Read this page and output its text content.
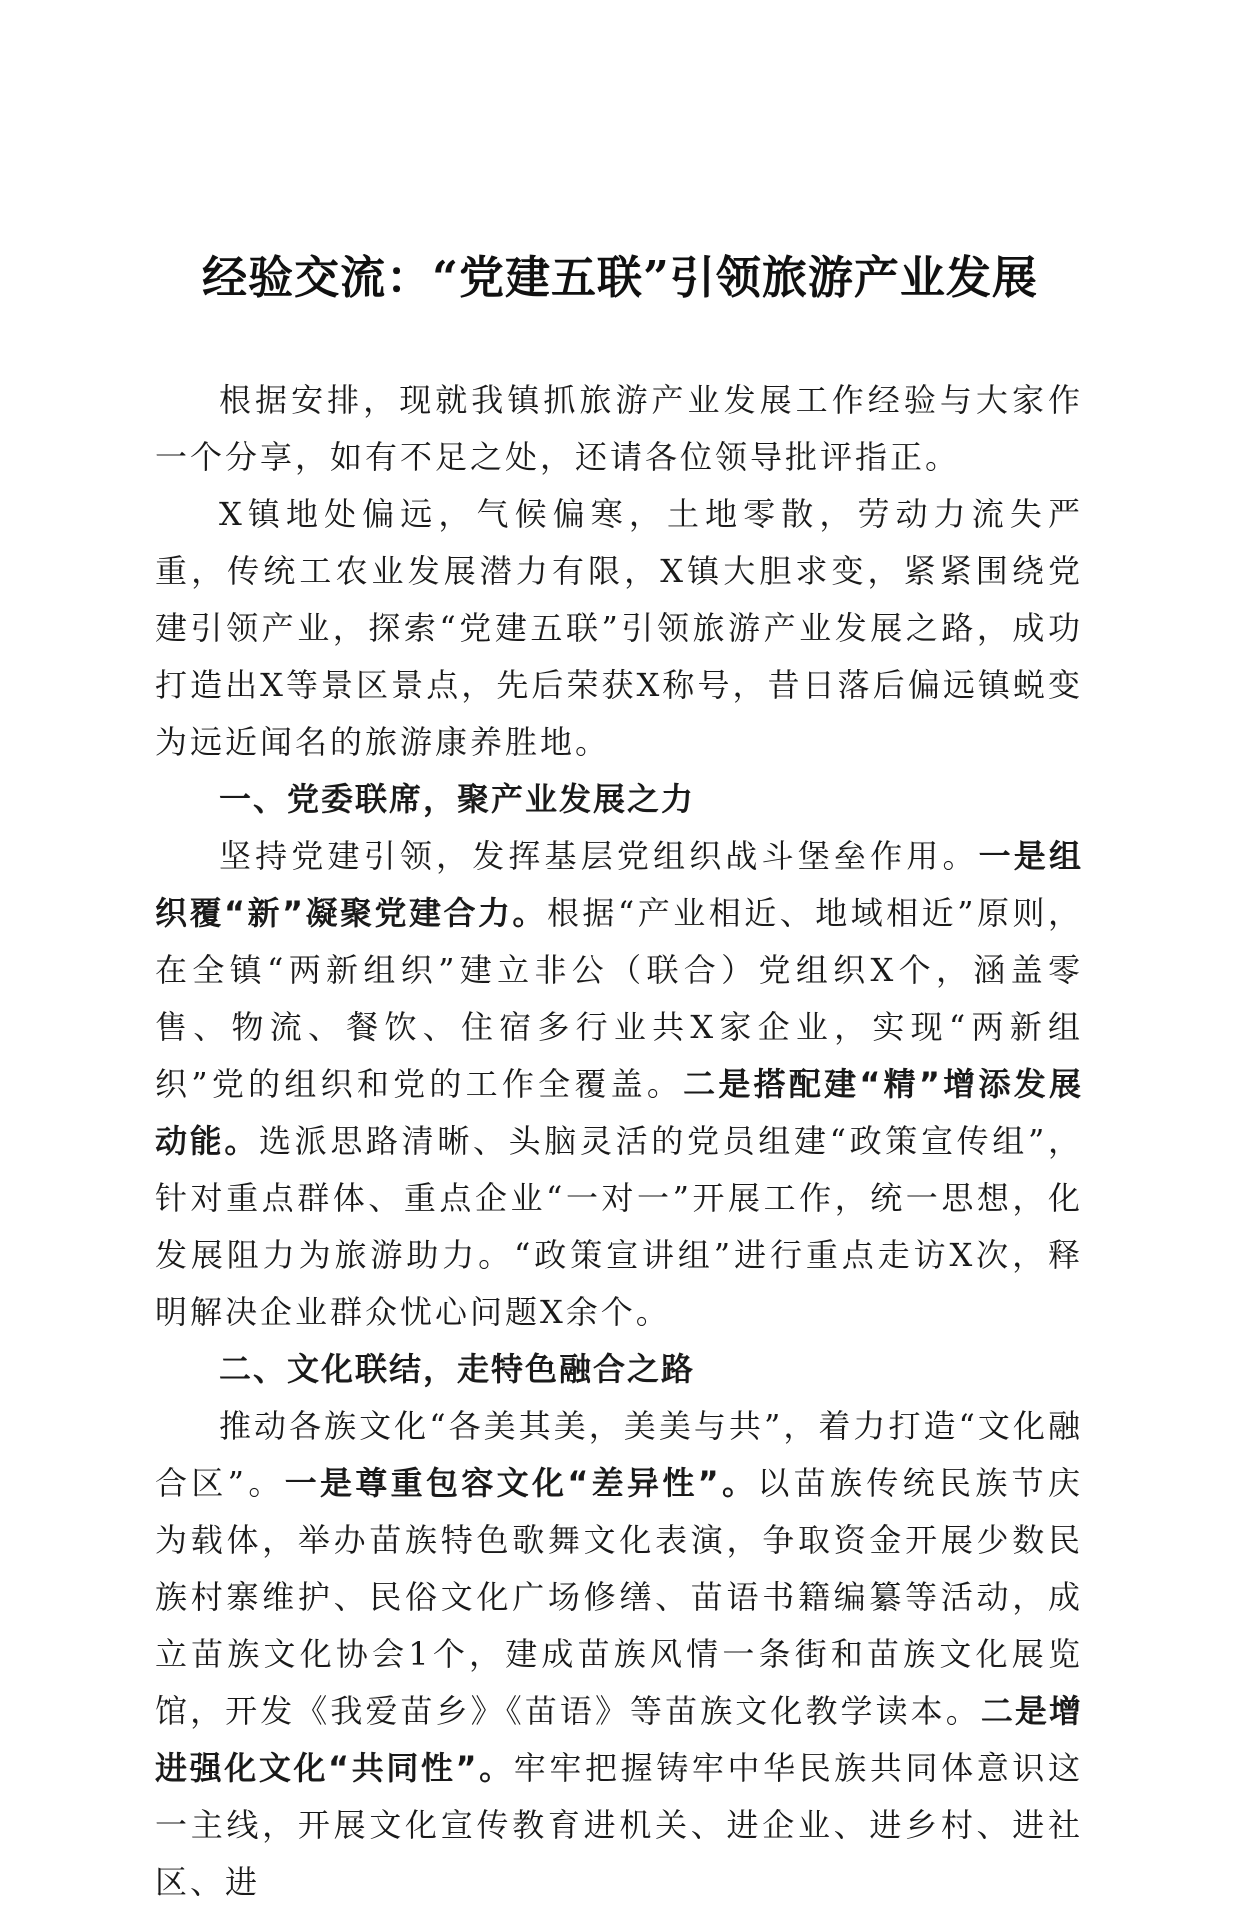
经验交流：“党建五联”引领旅游产业发展

根据安排，现就我镇抓旅游产业发展工作经验与大家作一个分享，如有不足之处，还请各位领导批评指正。

X镇地处偏远，气候偏寒，土地零散，劳动力流失严重，传统工农业发展潜力有限，X镇大胆求变，紧紧围绕党建引领产业，探索“党建五联”引领旅游产业发展之路，成功打造出X等景区景点，先后荣获X称号，昔日落后偏远镇蜕变为远近闻名的旅游康养胜地。

一、党委联席，聚产业发展之力

坚持党建引领，发挥基层党组织战斗堡垒作用。一是组织覆“新”凝聚党建合力。根据“产业相近、地域相近”原则，在全镇“两新组织”建立非公（联合）党组织X个，涵盖零售、物流、餐饮、住宿多行业共X家企业，实现“两新组织”党的组织和党的工作全覆盖。二是搭配建“精”增添发展动能。选派思路清晰、头脑灵活的党员组建“政策宣传组”，针对重点群体、重点企业“一对一”开展工作，统一思想，化发展阻力为旅游助力。“政策宣讲组”进行重点走访X次，释明解决企业群众忧心问题X余个。

二、文化联结，走特色融合之路

推动各族文化“各美其美，美美与共”，着力打造“文化融合区”。一是尊重包容文化“差异性”。以苗族传统民族节庆为载体，举办苗族特色歌舞文化表演，争取资金开展少数民族村寨维护、民俗文化广场修缮、苗语书籍编纂等活动，成立苗族文化协会1个，建成苗族风情一条街和苗族文化展览馆，开发《我爱苗乡》《苗语》等苗族文化教学读本。二是增进强化文化“共同性”。牢牢把握铸牢中华民族共同体意识这一主线，开展文化宣传教育进机关、进企业、进乡村、进社区、进
